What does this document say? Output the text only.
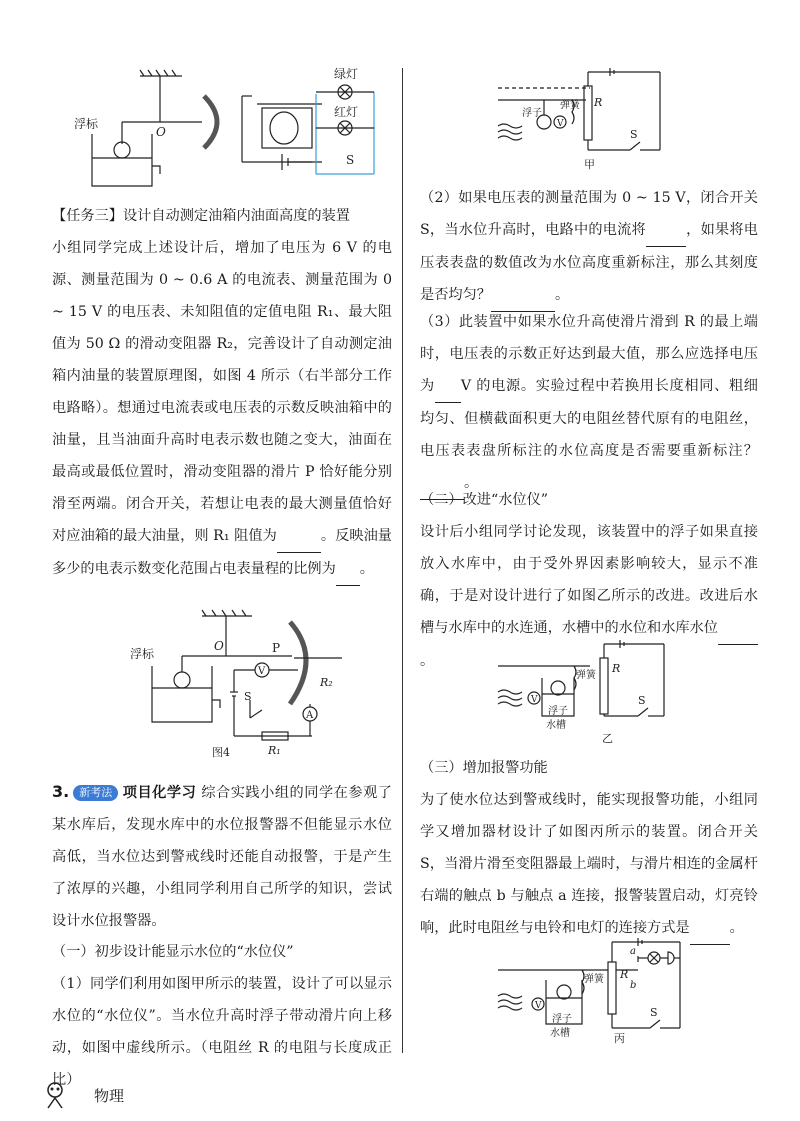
浮标
O
绿灯
红灯
S
【任务三】设计自动测定油箱内油面高度的装置
小组同学完成上述设计后，增加了电压为 6 V 的电源、测量范围为 0 ~ 0.6 A 的电流表、测量范围为 0 ~ 15 V 的电压表、未知阻值的定值电阻 R₁、最大阻值为 50 Ω 的滑动变阻器 R₂，完善设计了自动测定油箱内油量的装置原理图，如图 4 所示（右半部分工作电路略）。想通过电流表或电压表的示数反映油箱中的油量，且当油面升高时电表示数也随之变大，油面在最高或最低位置时，滑动变阻器的滑片 P 恰好能分别滑至两端。闭合开关，若想让电表的最大测量值恰好对应油箱的最大油量，则 R₁ 阻值为	。反映油量多少的电表示数变化范围占电表量程的比例为 。
浮标
O	P
R₂
V
A
S
R₁
图4
3. 新考法 项目化学习 综合实践小组的同学在参观了某水库后，发现水库中的水位报警器不但能显示水位高低，当水位达到警戒线时还能自动报警，于是产生了浓厚的兴趣，小组同学利用自己所学的知识，尝试设计水位报警器。
（一）初步设计能显示水位的“水位仪”
（1）同学们利用如图甲所示的装置，设计了可以显示水位的“水位仪”。当水位升高时浮子带动滑片向上移动，如图中虚线所示。（电阻丝 R 的电阻与长度成正比）
弹簧
浮子
R
V
S
甲
（2）如果电压表的测量范围为 0 ~ 15 V，闭合开关 S，当水位升高时，电路中的电流将	，如果将电压表表盘的数值改为水位高度重新标注，那么其刻度是否均匀？	。
（3）此装置中如果水位升高使滑片滑到 R 的最上端时，电压表的示数正好达到最大值，那么应选择电压为 V 的电源。实验过程中若换用长度相同、粗细均匀、但横截面积更大的电阻丝替代原有的电阻丝，电压表表盘所标注的水位高度是否需要重新标注？ 。
（二）改进“水位仪”
设计后小组同学讨论发现，该装置中的浮子如果直接放入水库中，由于受外界因素影响较大，显示不准确，于是对设计进行了如图乙所示的改进。改进后水槽与水库中的水连通，水槽中的水位和水库水位 。
弹簧
浮子
水槽
R
V	S
乙
（三）增加报警功能
为了使水位达到警戒线时，能实现报警功能，小组同学又增加器材设计了如图丙所示的装置。闭合开关 S，当滑片滑至变阻器最上端时，与滑片相连的金属杆右端的触点 b 与触点 a 连接，报警装置启动，灯亮铃响，此时电阻丝与电铃和电灯的连接方式是	。
弹簧
浮子
水槽
R
V	S
a
b
丙
物理
